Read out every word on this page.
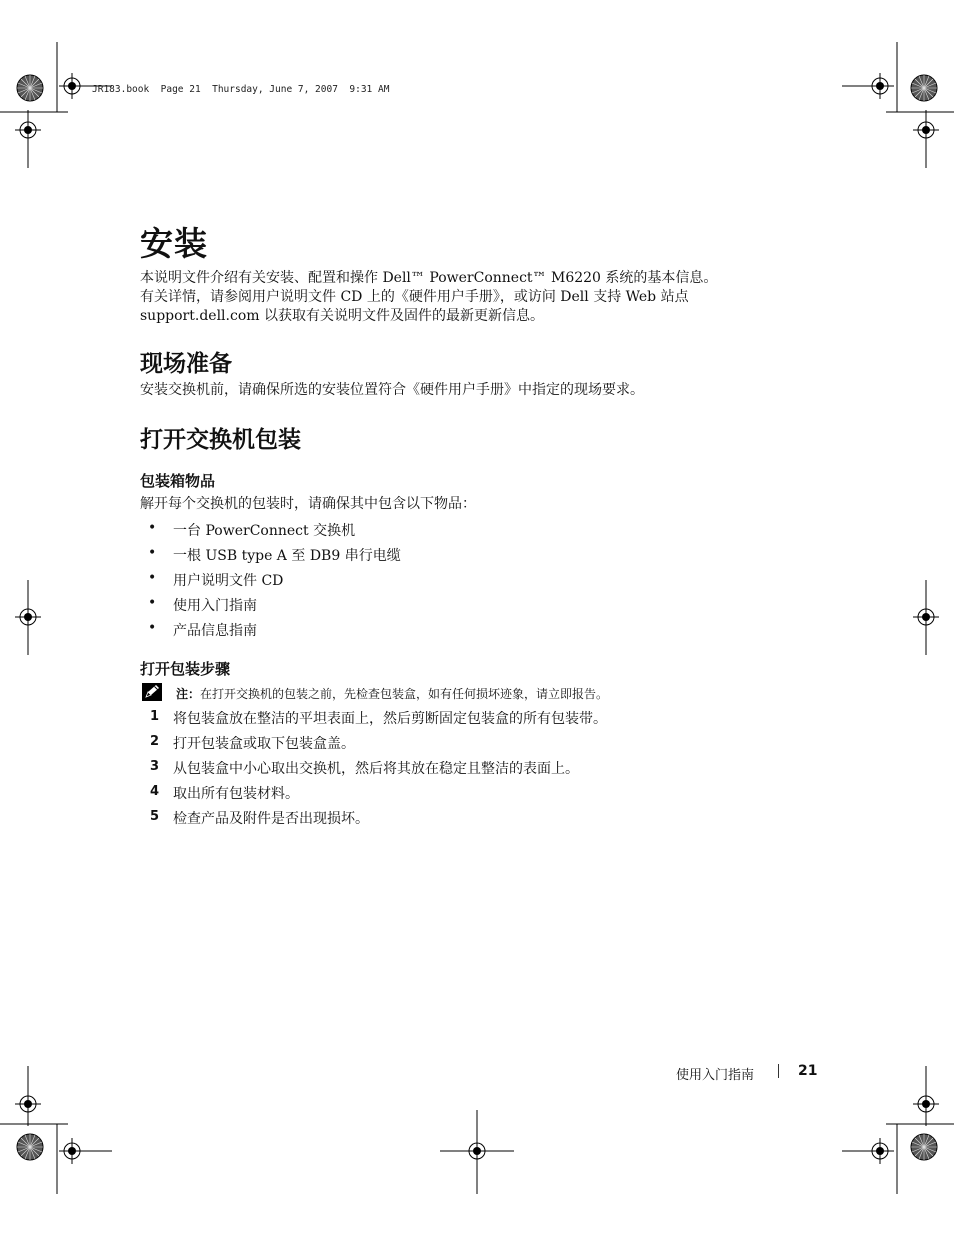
JR183.book  Page 21  Thursday, June 7, 2007  9:31 AM
安装
本说明文件介绍有关安装、配置和操作 Dell™ PowerConnect™ M6220 系统的基本信息。
有关详情，请参阅用户说明文件 CD 上的《硬件用户手册》，或访问 Dell 支持 Web 站点
support.dell.com 以获取有关说明文件及固件的最新更新信息。
现场准备
安装交换机前，请确保所选的安装位置符合《硬件用户手册》中指定的现场要求。
打开交换机包装
包装箱物品
解开每个交换机的包装时，请确保其中包含以下物品：
• 一台 PowerConnect 交换机
• 一根 USB type A 至 DB9 串行电缆
• 用户说明文件 CD
• 使用入门指南
• 产品信息指南
打开包装步骤
注：在打开交换机的包装之前，先检查包装盒，如有任何损坏迹象，请立即报告。
1 将包装盒放在整洁的平坦表面上，然后剪断固定包装盒的所有包装带。
2 打开包装盒或取下包装盒盖。
3 从包装盒中小心取出交换机，然后将其放在稳定且整洁的表面上。
4 取出所有包装材料。
5 检查产品及附件是否出现损坏。
使用入门指南	21
